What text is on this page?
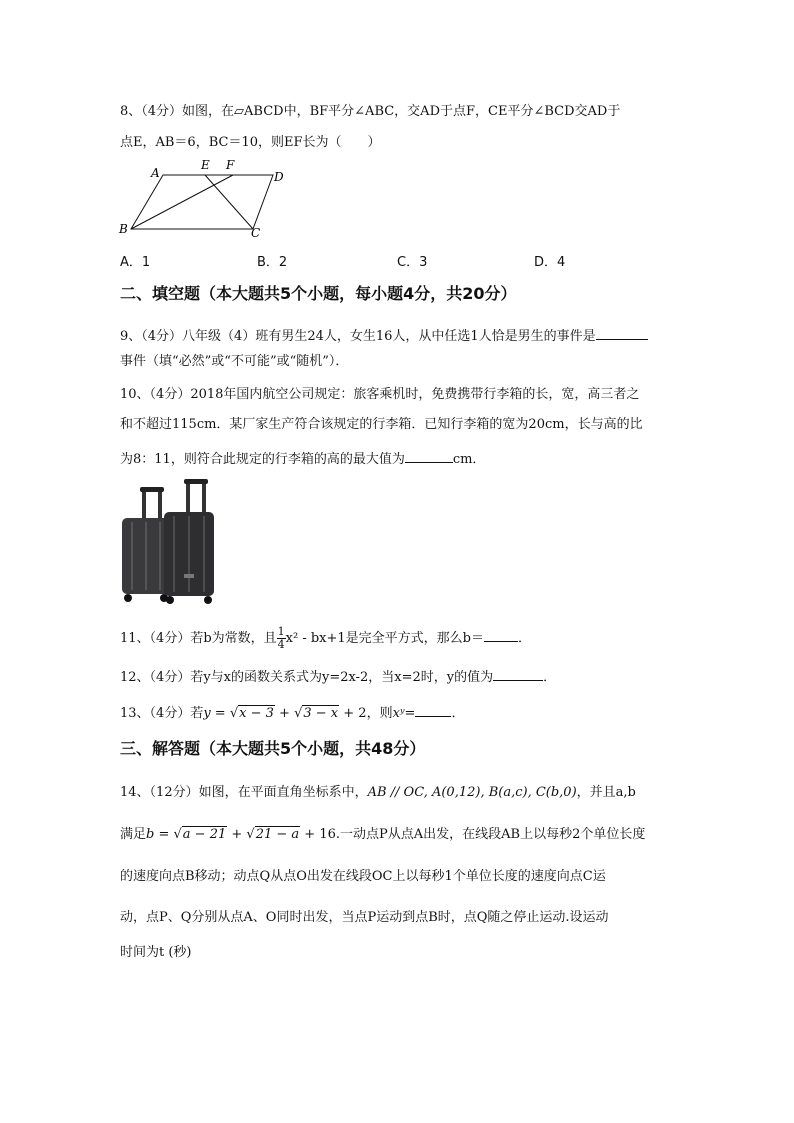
8、（4分）如图，在▱ABCD中，BF平分∠ABC，交AD于点F，CE平分∠BCD交AD于
点E，AB＝6，BC＝10，则EF长为（　　）
A	D
B	C
E F
A．1	B．2	C．3	D．4
二、填空题（本大题共5个小题，每小题4分，共20分）
9、（4分）八年级（4）班有男生24人，女生16人，从中任选1人恰是男生的事件是
事件（填“必然”或“不可能”或“随机”）．
10、（4分）2018年国内航空公司规定：旅客乘机时，免费携带行李箱的长，宽，高三者之
和不超过115cm．某厂家生产符合该规定的行李箱．已知行李箱的宽为20cm，长与高的比
为8：11，则符合此规定的行李箱的高的最大值为	cm．
11、（4分）若b为常数，且 $\frac{1}{4} x^2 - bx+1$是完全平方式，那么b＝	．
12、（4分）若y与x的函数关系式为y=2x-2，当x=2时，y的值为	．
13、（4分）若y = √x − 3 + √3 − x + 2，则xʸ=	．
三、解答题（本大题共5个小题，共48分）
14、（12分）如图，在平面直角坐标系中，AB // OC, A(0,12), B(a,c), C(b,0)，并且a,b
满足b = √a − 21 + √21 − a + 16.一动点P从点A出发，在线段AB上以每秒2个单位长度
的速度向点B移动；动点Q从点O出发在线段OC上以每秒1个单位长度的速度向点C运
动，点P、Q分别从点A、O同时出发，当点P运动到点B时，点Q随之停止运动.设运动
时间为t (秒)
